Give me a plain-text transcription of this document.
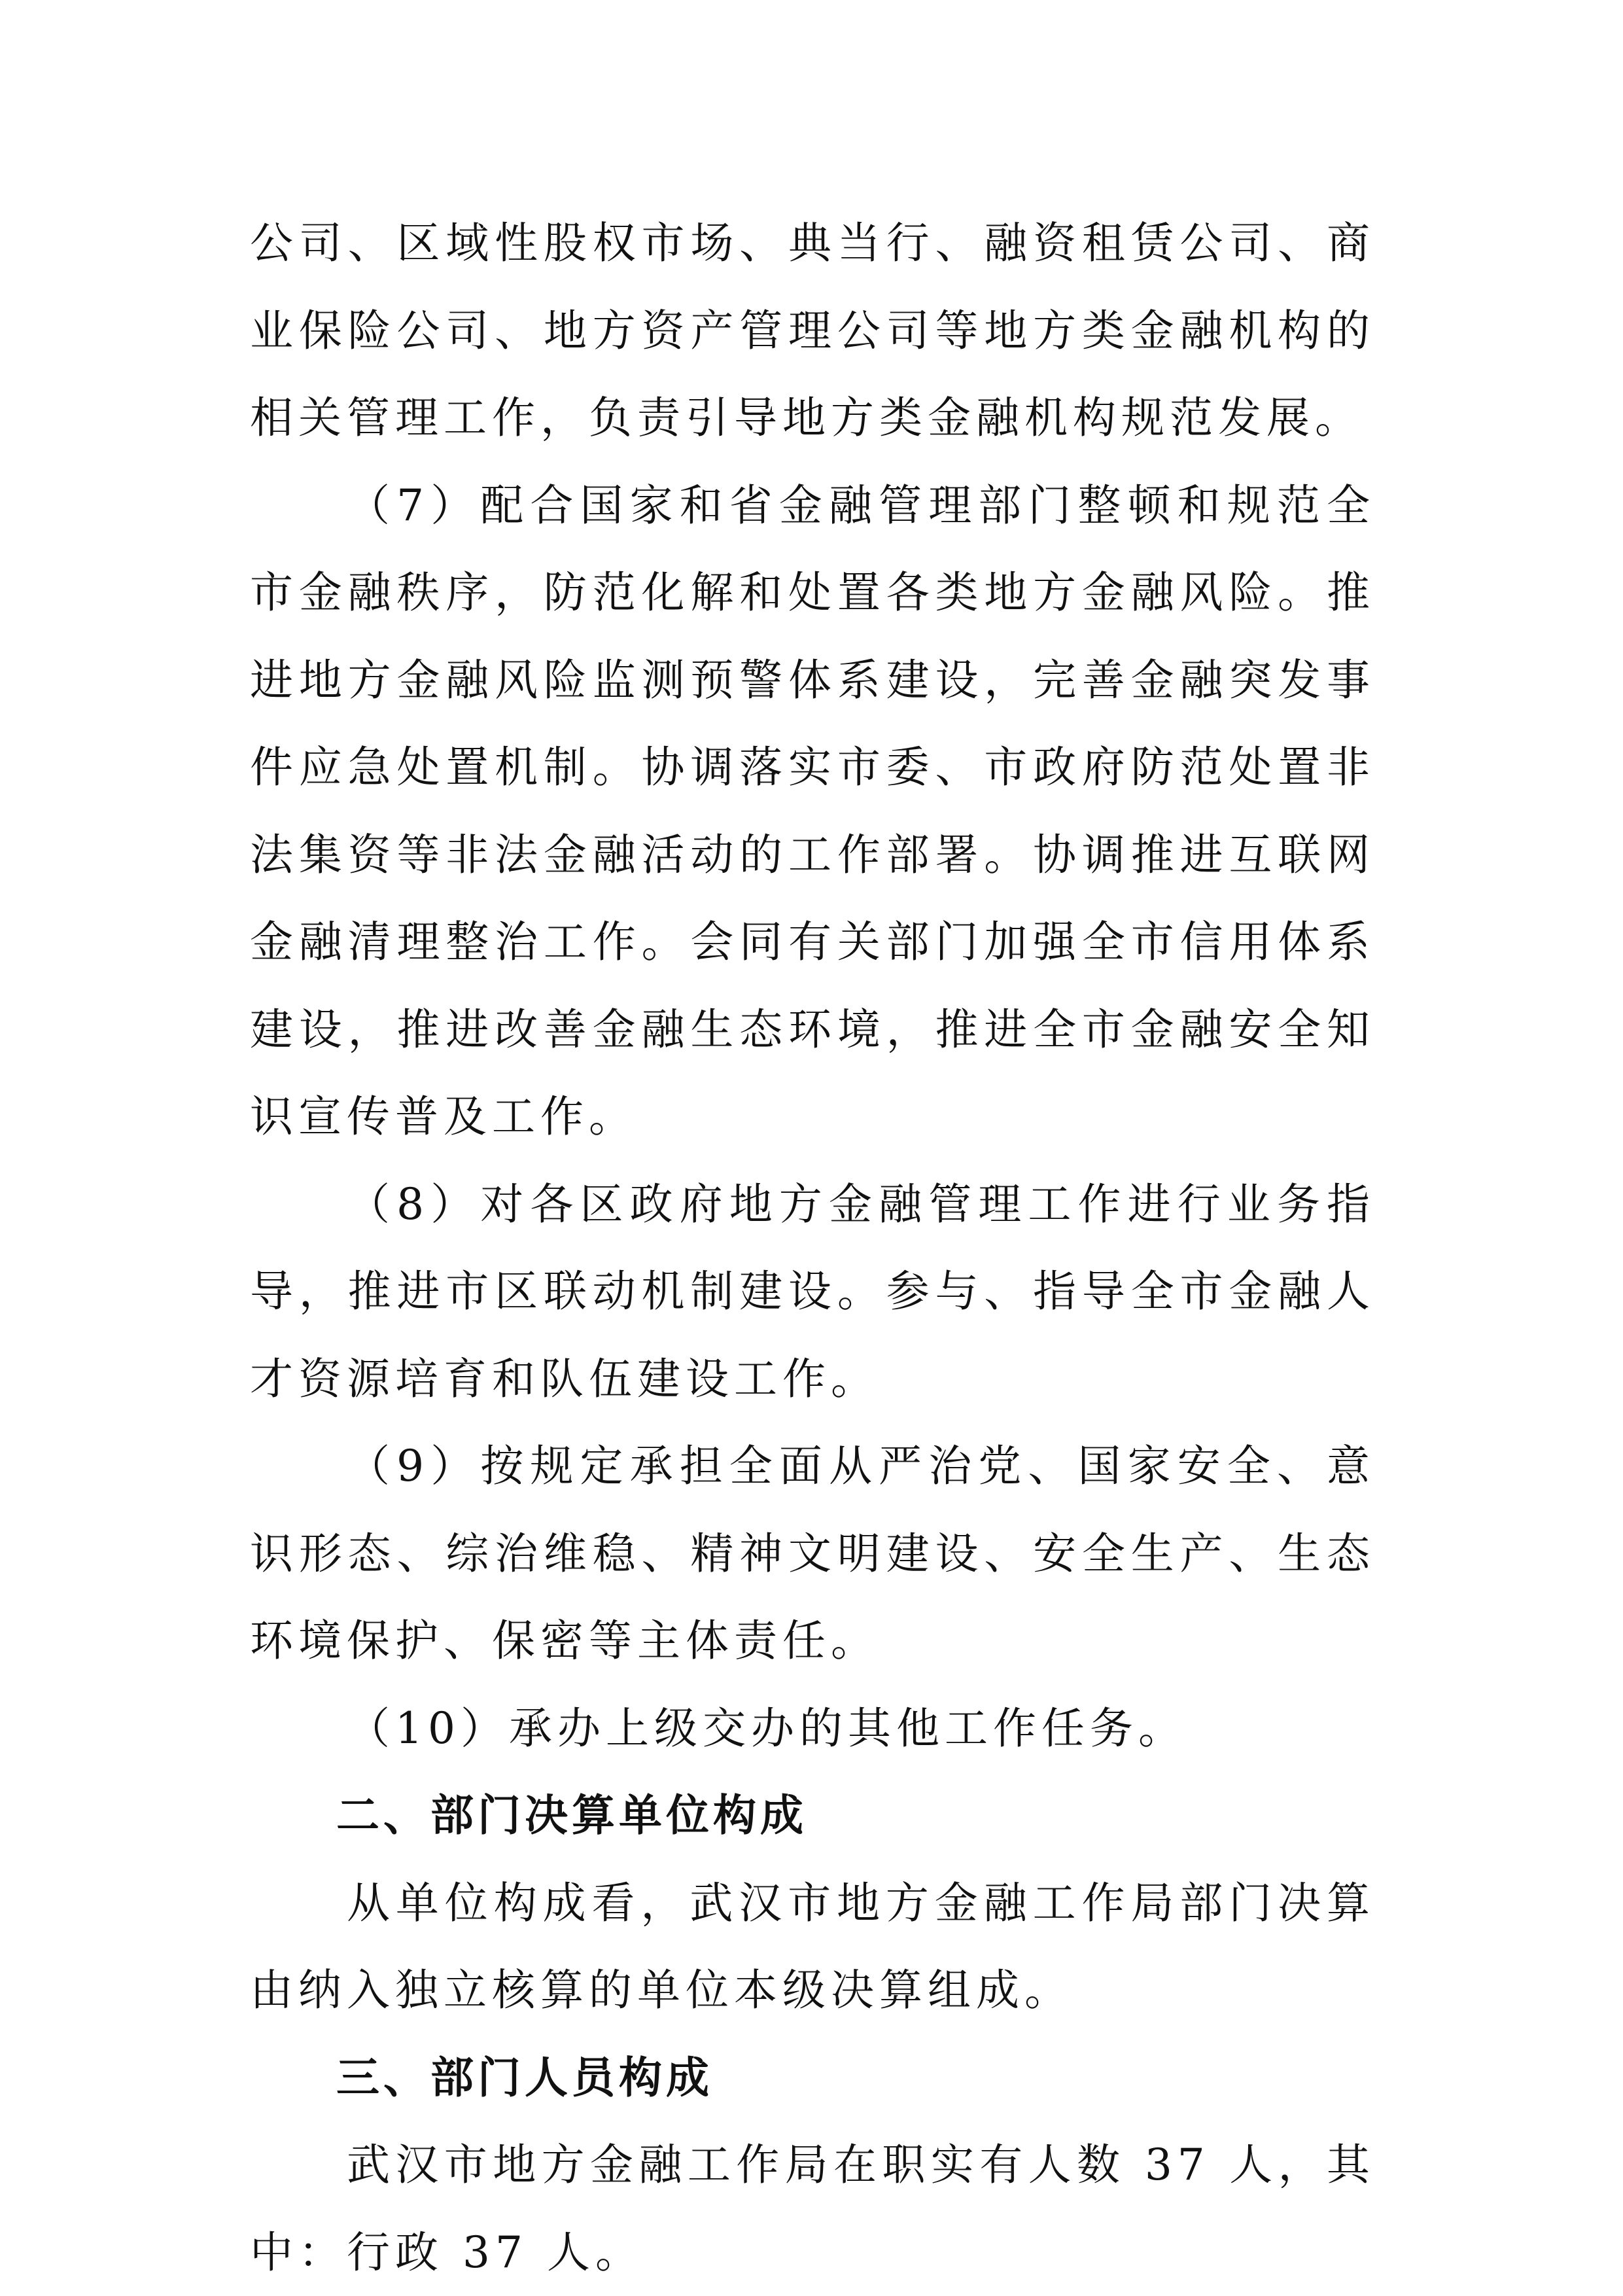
公司、区域性股权市场、典当行、融资租赁公司、商业保险公司、地方资产管理公司等地方类金融机构的相关管理工作，负责引导地方类金融机构规范发展。

（7）配合国家和省金融管理部门整顿和规范全市金融秩序，防范化解和处置各类地方金融风险。推进地方金融风险监测预警体系建设，完善金融突发事件应急处置机制。协调落实市委、市政府防范处置非法集资等非法金融活动的工作部署。协调推进互联网金融清理整治工作。会同有关部门加强全市信用体系建设，推进改善金融生态环境，推进全市金融安全知识宣传普及工作。

（8）对各区政府地方金融管理工作进行业务指导，推进市区联动机制建设。参与、指导全市金融人才资源培育和队伍建设工作。

（9）按规定承担全面从严治党、国家安全、意识形态、综治维稳、精神文明建设、安全生产、生态环境保护、保密等主体责任。

（10）承办上级交办的其他工作任务。

二、部门决算单位构成

从单位构成看，武汉市地方金融工作局部门决算由纳入独立核算的单位本级决算组成。

三、部门人员构成

武汉市地方金融工作局在职实有人数 37 人，其中：行政 37 人。
